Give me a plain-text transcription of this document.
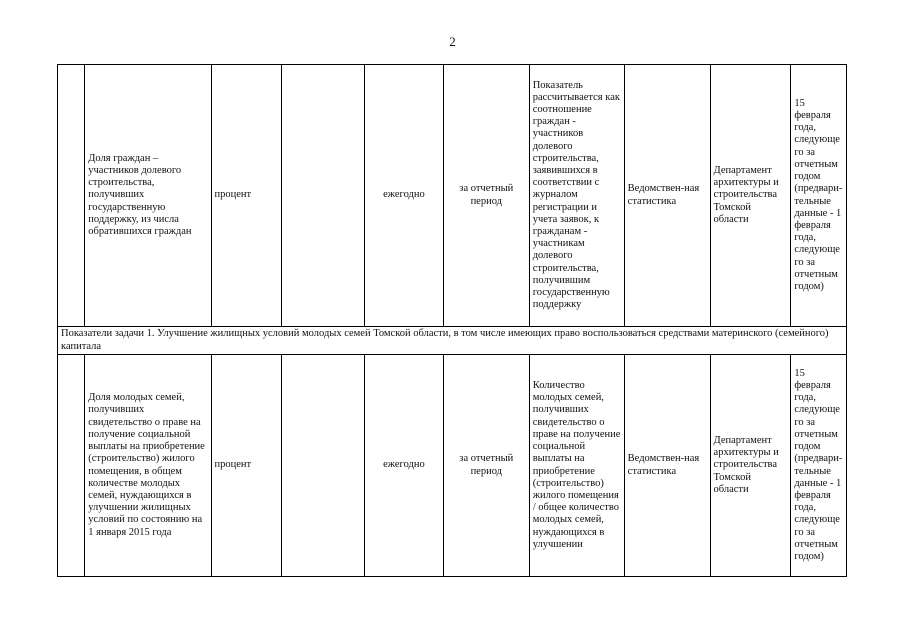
2
	Доля граждан – участников долевого строительства, получивших государственную поддержку, из числа обратившихся граждан	процент		ежегодно	за отчетный период	Показатель рассчитывается как соотношение граждан - участников долевого строительства, заявившихся в соответствии с журналом регистрации и учета заявок, к гражданам - участникам долевого строительства, получившим государственную поддержку	Ведомствен-ная статистика	Департамент архитектуры и строительства Томской области	15 февраля года, следующего за отчетным годом (предвари-тельные данные - 1 февраля года, следующего за отчетным годом)
Показатели задачи 1. Улучшение жилищных условий молодых семей Томской области, в том числе имеющих право воспользоваться средствами материнского (семейного) капитала									
	Доля молодых семей, получивших свидетельство о праве на получение социальной выплаты на приобретение (строительство) жилого помещения, в общем количестве молодых семей, нуждающихся в улучшении жилищных условий по состоянию на 1 января 2015 года	процент		ежегодно	за отчетный период	Количество молодых семей, получивших свидетельство о праве на получение социальной выплаты на приобретение (строительство) жилого помещения / общее количество молодых семей, нуждающихся в улучшении	Ведомствен-ная статистика	Департамент архитектуры и строительства Томской области	15 февраля года, следующего за отчетным годом (предвари-тельные данные - 1 февраля года, следующего за отчетным годом)
